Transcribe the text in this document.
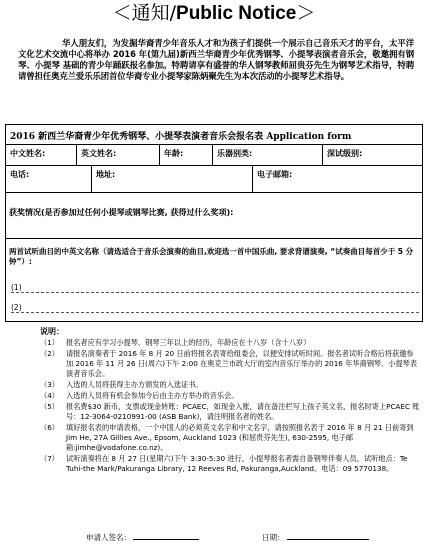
＜通知/Public Notice＞
华人朋友们，为发掘华裔青少年音乐人才和为孩子们提供一个展示自己音乐天才的平台，太平洋文化艺术交流中心将举办 2016 年(第九届)新西兰华裔青少年优秀钢琴、小提琴表演者音乐会，敬邀拥有钢琴、小提琴 基础的青少年踊跃报名参加。特聘请享有盛誉的华人钢琴教师屈贵芬先生为钢琴艺术指导，特聘请曾担任奥克兰爱乐乐团首位华裔专业小提琴家陈炳聚先生为本次活动的小提琴艺术指导。
2016 新西兰华裔青少年优秀钢琴、小提琴表演者音乐会报名表 Application form
中文姓名:	英文姓名:	年龄:	乐器别类:	深试级别:
电话:	地址:	电子邮箱:
获奖情况(是否参加过任何小提琴或钢琴比赛, 获得过什么奖项):
两首试听曲目的中英文名称（请选适合于音乐会演奏的曲目,欢迎选一首中国乐曲, 要求背谱演奏, “试奏曲目每首少于 5 分钟”）:
(1)
(2)
说明：
（1） 报名者应有学习小提琴、钢琴三年以上的经历，年龄应在十八岁（含十八岁）
（2） 请报名演奏者于 2016 年 8 月 20 日前将报名表寄给组委会，以便安排试听时间。报名者试听合格后将获邀参加 2016 年 11 月 26 日(周六)下午 2:00 在奥克兰市政大厅的室内音乐厅举办的 2016 年华裔钢琴、小提琴表演者音乐会。
（3） 入选的人员将获得主办方颁发的入选证书。
（4） 入选的人员将有机会参加今后由主办方举办的音乐会。
（5） 报名费$30 新币，支票或现金转账：PCAEC，如现金入账，请在备注栏写上孩子英文名，报名时寄上PCAEC 账号：12-3064-0210991-00 (ASB Bank)，请注明报名者的姓名。
（6） 填好报名表的申请表格，一个中国人的必须英文名字和中文名字，请按照报名表于 2016 年 8 月 21 日前寄到 Jim He, 27A Gillies Ave., Epsom, Auckland 1023 (和屈贵芬先生), 630-2595, 电子邮箱:jimhe@vodafone.co.nz)。
（7） 试听演奏将在 8 月 27 日(星期六)下午 3:30-5:30 进行，小提琴报名者需自备钢琴伴奏人员，试听地点：Te Tuhi-the Mark/Pakuranga Library, 12 Reeves Rd, Pakuranga,Auckland。电话：09 5770138。
申请人签名：	日期：
